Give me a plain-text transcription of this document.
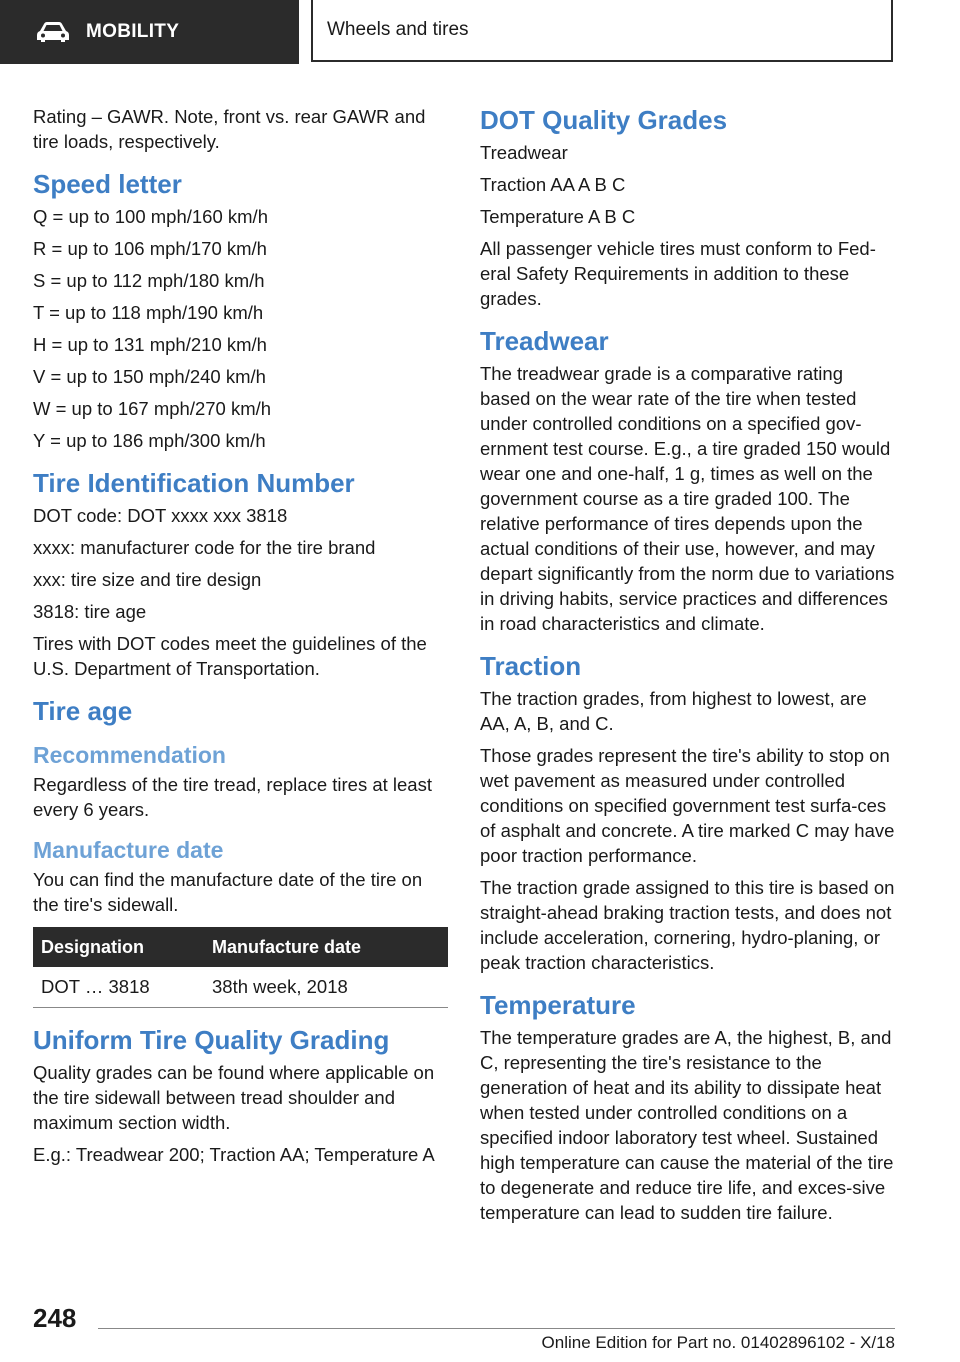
MOBILITY	Wheels and tires

Rating – GAWR. Note, front vs. rear GAWR and tire loads, respectively.

Speed letter

Q = up to 100 mph/160 km/h

R = up to 106 mph/170 km/h

S = up to 112 mph/180 km/h

T = up to 118 mph/190 km/h

H = up to 131 mph/210 km/h

V = up to 150 mph/240 km/h

W = up to 167 mph/270 km/h

Y = up to 186 mph/300 km/h

Tire Identification Number

DOT code: DOT xxxx xxx 3818

xxxx: manufacturer code for the tire brand

xxx: tire size and tire design

3818: tire age

Tires with DOT codes meet the guidelines of the U.S. Department of Transportation.

Tire age
Recommendation

Regardless of the tire tread, replace tires at least every 6 years.

Manufacture date

You can find the manufacture date of the tire on the tire's sidewall.

Designation	Manufacture date
DOT … 3818	38th week, 2018
Uniform Tire Quality Grading

Quality grades can be found where applicable on the tire sidewall between tread shoulder and maximum section width.

E.g.: Treadwear 200; Traction AA; Temperature A

DOT Quality Grades

Treadwear

Traction AA A B C

Temperature A B C

All passenger vehicle tires must conform to Fed-eral Safety Requirements in addition to these grades.

Treadwear

The treadwear grade is a comparative rating based on the wear rate of the tire when tested under controlled conditions on a specified gov-ernment test course. E.g., a tire graded 150 would wear one and one-half, 1 g, times as well on the government course as a tire graded 100. The relative performance of tires depends upon the actual conditions of their use, however, and may depart significantly from the norm due to variations in driving habits, service practices and differences in road characteristics and climate.

Traction

The traction grades, from highest to lowest, are AA, A, B, and C.

Those grades represent the tire's ability to stop on wet pavement as measured under controlled conditions on specified government test surfa-ces of asphalt and concrete. A tire marked C may have poor traction performance.

The traction grade assigned to this tire is based on straight-ahead braking traction tests, and does not include acceleration, cornering, hydro-planing, or peak traction characteristics.

Temperature

The temperature grades are A, the highest, B, and C, representing the tire's resistance to the generation of heat and its ability to dissipate heat when tested under controlled conditions on a specified indoor laboratory test wheel. Sustained high temperature can cause the material of the tire to degenerate and reduce tire life, and exces-sive temperature can lead to sudden tire failure.

248
Online Edition for Part no. 01402896102 - X/18
